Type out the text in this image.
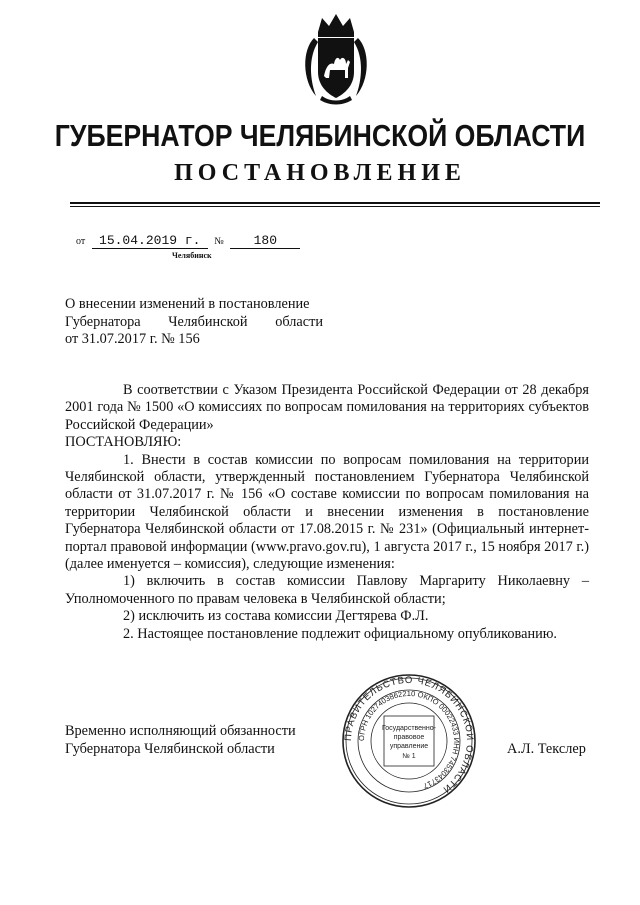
ГУБЕРНАТОР ЧЕЛЯБИНСКОЙ ОБЛАСТИ
ПОСТАНОВЛЕНИЕ
от 15.04.2019 г. № 180
Челябинск
О внесении изменений в постановление
Губернатора Челябинской области
от 31.07.2017 г. № 156

В соответствии с Указом Президента Российской Федерации от 28 декабря 2001 года № 1500 «О комиссиях по вопросам помилования на территориях субъектов Российской Федерации»

ПОСТАНОВЛЯЮ:

1. Внести в состав комиссии по вопросам помилования на территории Челябинской области, утвержденный постановлением Губернатора Челябинской области от 31.07.2017 г. № 156 «О составе комиссии по вопросам помилования на территории Челябинской области и внесении изменения в постановление Губернатора Челябинской области от 17.08.2015 г. № 231» (Официальный интернет-портал правовой информации (www.pravo.gov.ru), 1 августа 2017 г., 15 ноября 2017 г.) (далее именуется – комиссия), следующие изменения:

1) включить в состав комиссии Павлову Маргариту Николаевну – Уполномоченного по правам человека в Челябинской области;

2) исключить из состава комиссии Дегтярева Ф.Л.

2. Настоящее постановление подлежит официальному опубликованию.

ПРАВИТЕЛЬСТВО ЧЕЛЯБИНСКОЙ ОБЛАСТИ
ОГРН 1027403862210 ОКПО 00022433 ИНН 7453043717
Государственно-
правовое
управление
№ 1
Временно исполняющий обязанности
Губернатора Челябинской области	А.Л. Текслер
